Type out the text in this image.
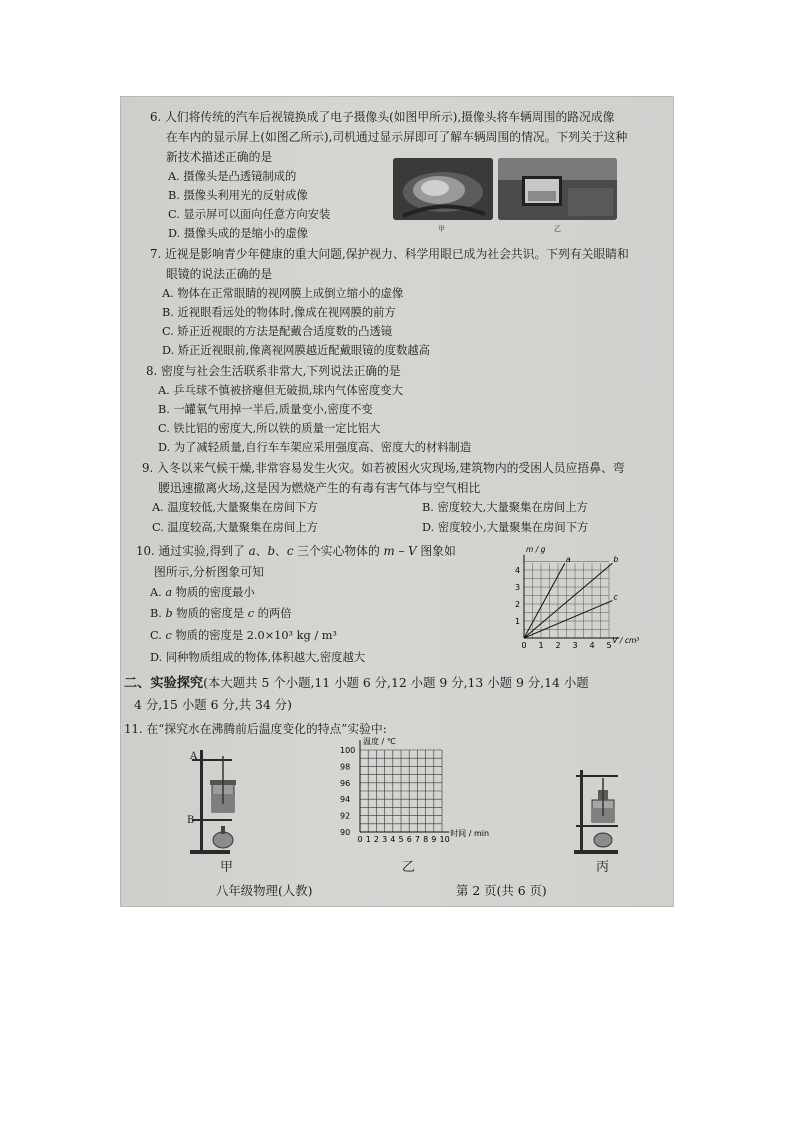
6. 人们将传统的汽车后视镜换成了电子摄像头(如图甲所示),摄像头将车辆周围的路况成像
在车内的显示屏上(如图乙所示),司机通过显示屏即可了解车辆周围的情况。下列关于这种
新技术描述正确的是
A. 摄像头是凸透镜制成的
B. 摄像头利用光的反射成像
C. 显示屏可以面向任意方向安装
D. 摄像头成的是缩小的虚像	甲	乙
7. 近视是影响青少年健康的重大问题,保护视力、科学用眼已成为社会共识。下列有关眼睛和
眼镜的说法正确的是
A. 物体在正常眼睛的视网膜上成倒立缩小的虚像
B. 近视眼看远处的物体时,像成在视网膜的前方
C. 矫正近视眼的方法是配戴合适度数的凸透镜
D. 矫正近视眼前,像离视网膜越近配戴眼镜的度数越高
8. 密度与社会生活联系非常大,下列说法正确的是
A. 乒乓球不慎被挤瘪但无破损,球内气体密度变大
B. 一罐氧气用掉一半后,质量变小,密度不变
C. 铁比铝的密度大,所以铁的质量一定比铝大
D. 为了减轻质量,自行车车架应采用强度高、密度大的材料制造
9. 入冬以来气候干燥,非常容易发生火灾。如若被困火灾现场,建筑物内的受困人员应捂鼻、弯
腰迅速撤离火场,这是因为燃烧产生的有毒有害气体与空气相比
A. 温度较低,大量聚集在房间下方	B. 密度较大,大量聚集在房间上方
C. 温度较高,大量聚集在房间上方	D. 密度较小,大量聚集在房间下方
10. 通过实验,得到了 a、b、c 三个实心物体的 m – V 图象如
图所示,分析图象可知
A. a 物质的密度最小
B. b 物质的密度是 c 的两倍
C. c 物质的密度是 2.0×10³ kg / m³
D. 同种物质组成的物体,体积越大,密度越大
0 1 2 3 4 5
1
2
3
4
m / g
V / cm³
a	b
c
二、实验探究(本大题共 5 个小题,11 小题 6 分,12 小题 9 分,13 小题 9 分,14 小题
4 分,15 小题 6 分,共 34 分)
11. 在“探究水在沸腾前后温度变化的特点”实验中:
A
B
甲
0 1 2 3 4 5 6 7 8 9 10
90
92
94
96
98
100
温度 / ℃
时间 / min
乙	丙
八年级物理(人教)	第 2 页(共 6 页)
